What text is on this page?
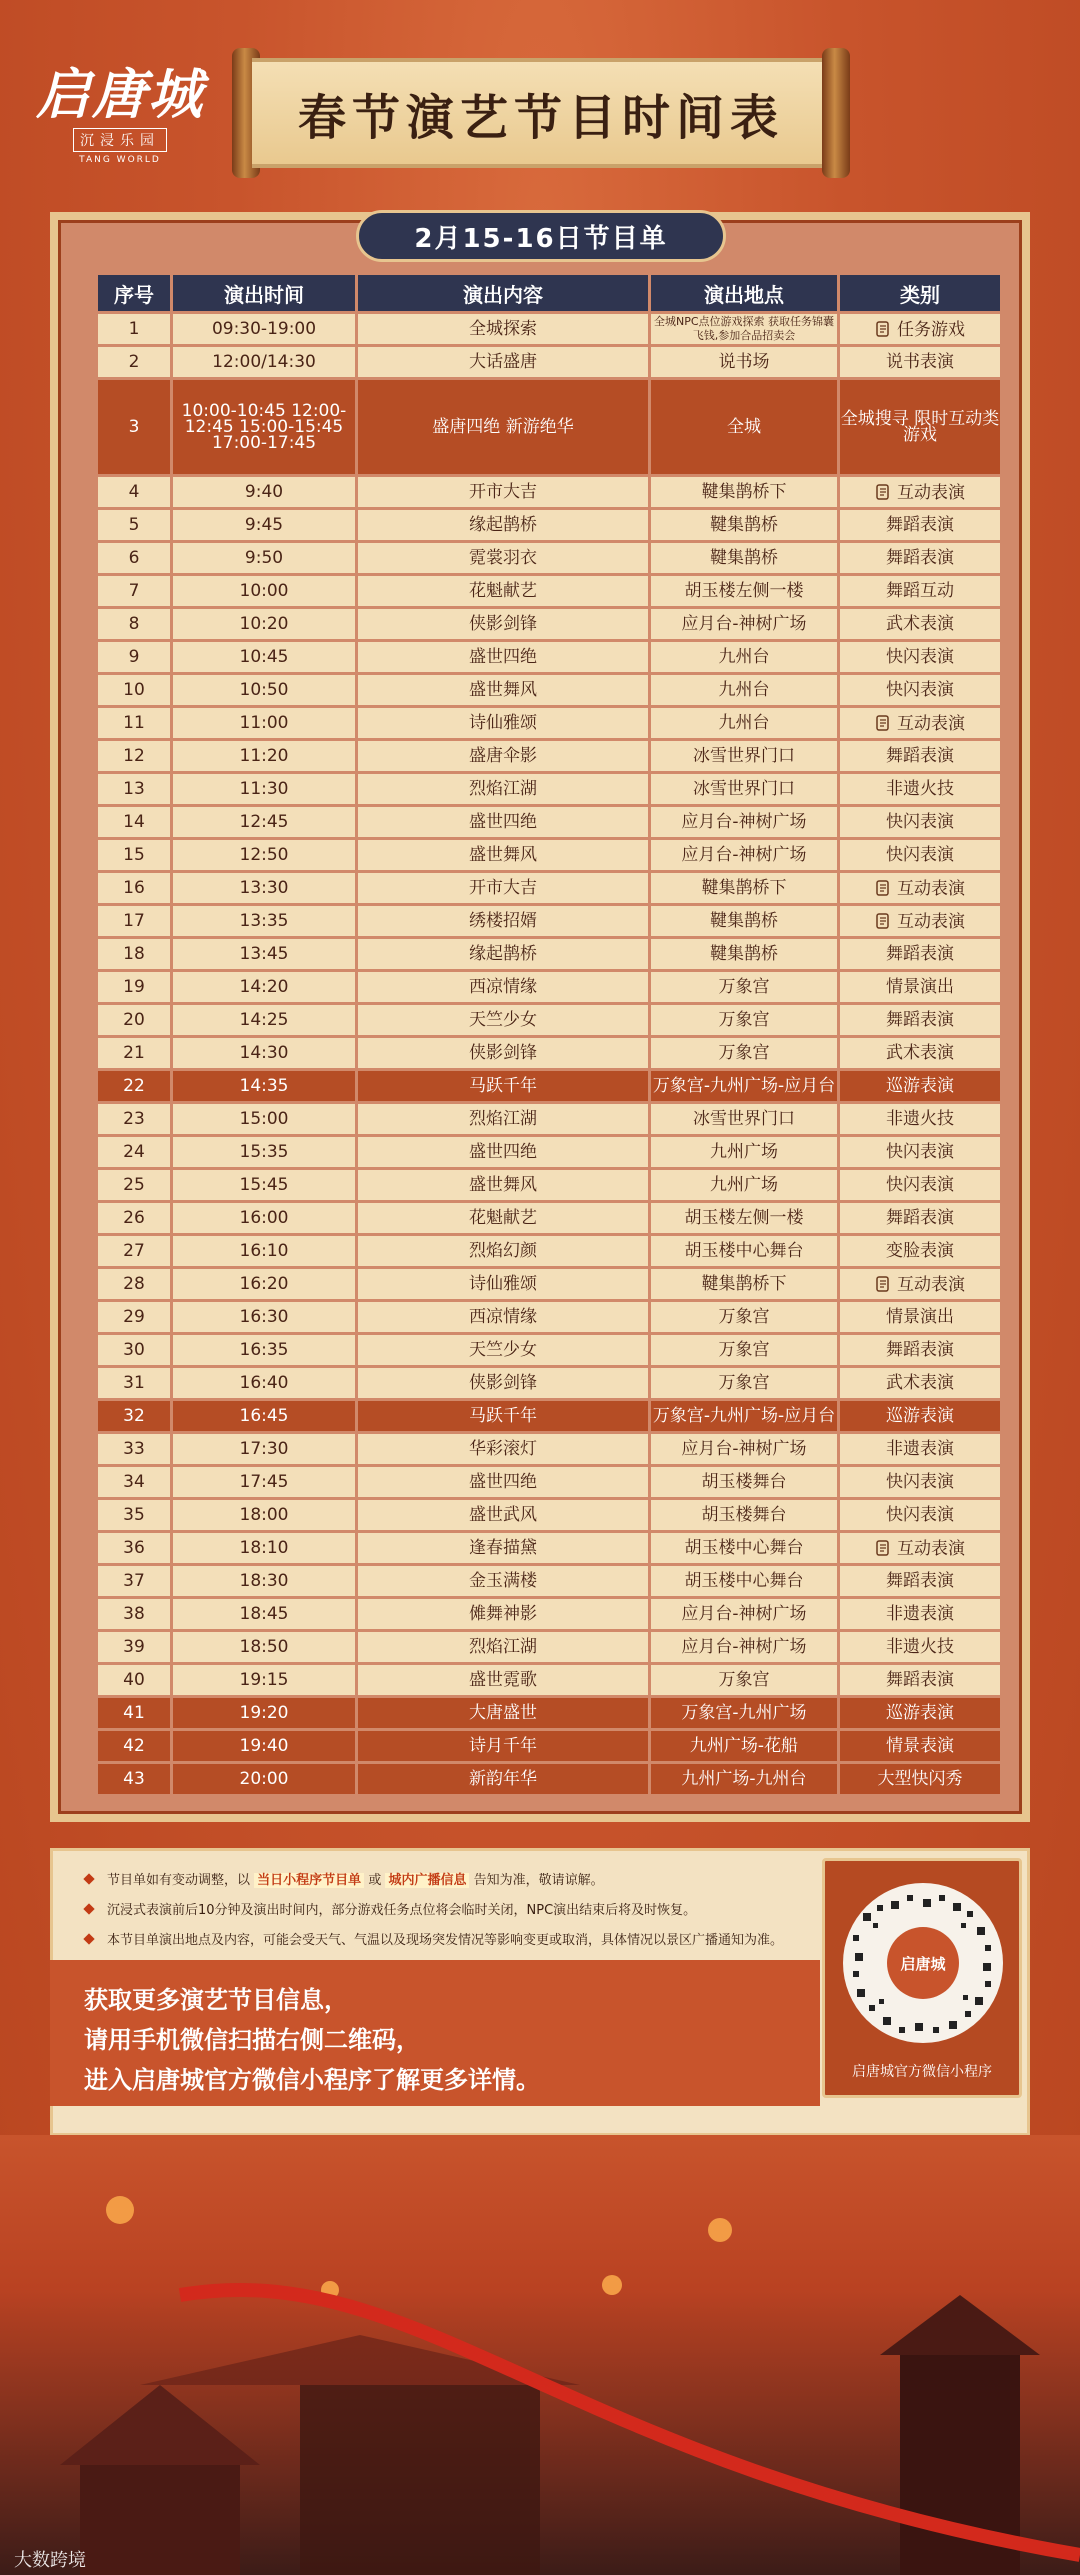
启唐城
沉浸乐园
TANG WORLD
春节演艺节目时间表
2月15-16日节目单
序号	演出时间	演出内容	演出地点	类别
1	09:30-19:00	全城探索	全城NPC点位游戏探索 获取任务锦囊飞钱,参加合品招卖会	任务游戏
2	12:00/14:30	大话盛唐	说书场	说书表演
3	10:00-10:45 12:00-12:45 15:00-15:45 17:00-17:45	盛唐四绝 新游绝华	全城	全城搜寻 限时互动类游戏
4	9:40	开市大吉	鞬集鹊桥下	互动表演
5	9:45	缘起鹊桥	鞬集鹊桥	舞蹈表演
6	9:50	霓裳羽衣	鞬集鹊桥	舞蹈表演
7	10:00	花魁献艺	胡玉楼左侧一楼	舞蹈互动
8	10:20	侠影剑锋	应月台-神树广场	武术表演
9	10:45	盛世四绝	九州台	快闪表演
10	10:50	盛世舞风	九州台	快闪表演
11	11:00	诗仙雅颂	九州台	互动表演
12	11:20	盛唐伞影	冰雪世界门口	舞蹈表演
13	11:30	烈焰江湖	冰雪世界门口	非遗火技
14	12:45	盛世四绝	应月台-神树广场	快闪表演
15	12:50	盛世舞风	应月台-神树广场	快闪表演
16	13:30	开市大吉	鞬集鹊桥下	互动表演
17	13:35	绣楼招婿	鞬集鹊桥	互动表演
18	13:45	缘起鹊桥	鞬集鹊桥	舞蹈表演
19	14:20	西凉情缘	万象宫	情景演出
20	14:25	天竺少女	万象宫	舞蹈表演
21	14:30	侠影剑锋	万象宫	武术表演
22	14:35	马跃千年	万象宫-九州广场-应月台	巡游表演
23	15:00	烈焰江湖	冰雪世界门口	非遗火技
24	15:35	盛世四绝	九州广场	快闪表演
25	15:45	盛世舞风	九州广场	快闪表演
26	16:00	花魁献艺	胡玉楼左侧一楼	舞蹈表演
27	16:10	烈焰幻颜	胡玉楼中心舞台	变脸表演
28	16:20	诗仙雅颂	鞬集鹊桥下	互动表演
29	16:30	西凉情缘	万象宫	情景演出
30	16:35	天竺少女	万象宫	舞蹈表演
31	16:40	侠影剑锋	万象宫	武术表演
32	16:45	马跃千年	万象宫-九州广场-应月台	巡游表演
33	17:30	华彩滚灯	应月台-神树广场	非遗表演
34	17:45	盛世四绝	胡玉楼舞台	快闪表演
35	18:00	盛世武风	胡玉楼舞台	快闪表演
36	18:10	逢春描黛	胡玉楼中心舞台	互动表演
37	18:30	金玉满楼	胡玉楼中心舞台	舞蹈表演
38	18:45	傩舞神影	应月台-神树广场	非遗表演
39	18:50	烈焰江湖	应月台-神树广场	非遗火技
40	19:15	盛世霓歌	万象宫	舞蹈表演
41	19:20	大唐盛世	万象宫-九州广场	巡游表演
42	19:40	诗月千年	九州广场-花船	情景表演
43	20:00	新韵年华	九州广场-九州台	大型快闪秀
节目单如有变动调整，以 当日小程序节目单 或 城内广播信息 告知为准，敬请谅解。
沉浸式表演前后10分钟及演出时间内，部分游戏任务点位将会临时关闭，NPC演出结束后将及时恢复。
本节目单演出地点及内容，可能会受天气、气温以及现场突发情况等影响变更或取消，具体情况以景区广播通知为准。
获取更多演艺节目信息，
请用手机微信扫描右侧二维码，
进入启唐城官方微信小程序了解更多详情。
启唐城
启唐城官方微信小程序
大数跨境
